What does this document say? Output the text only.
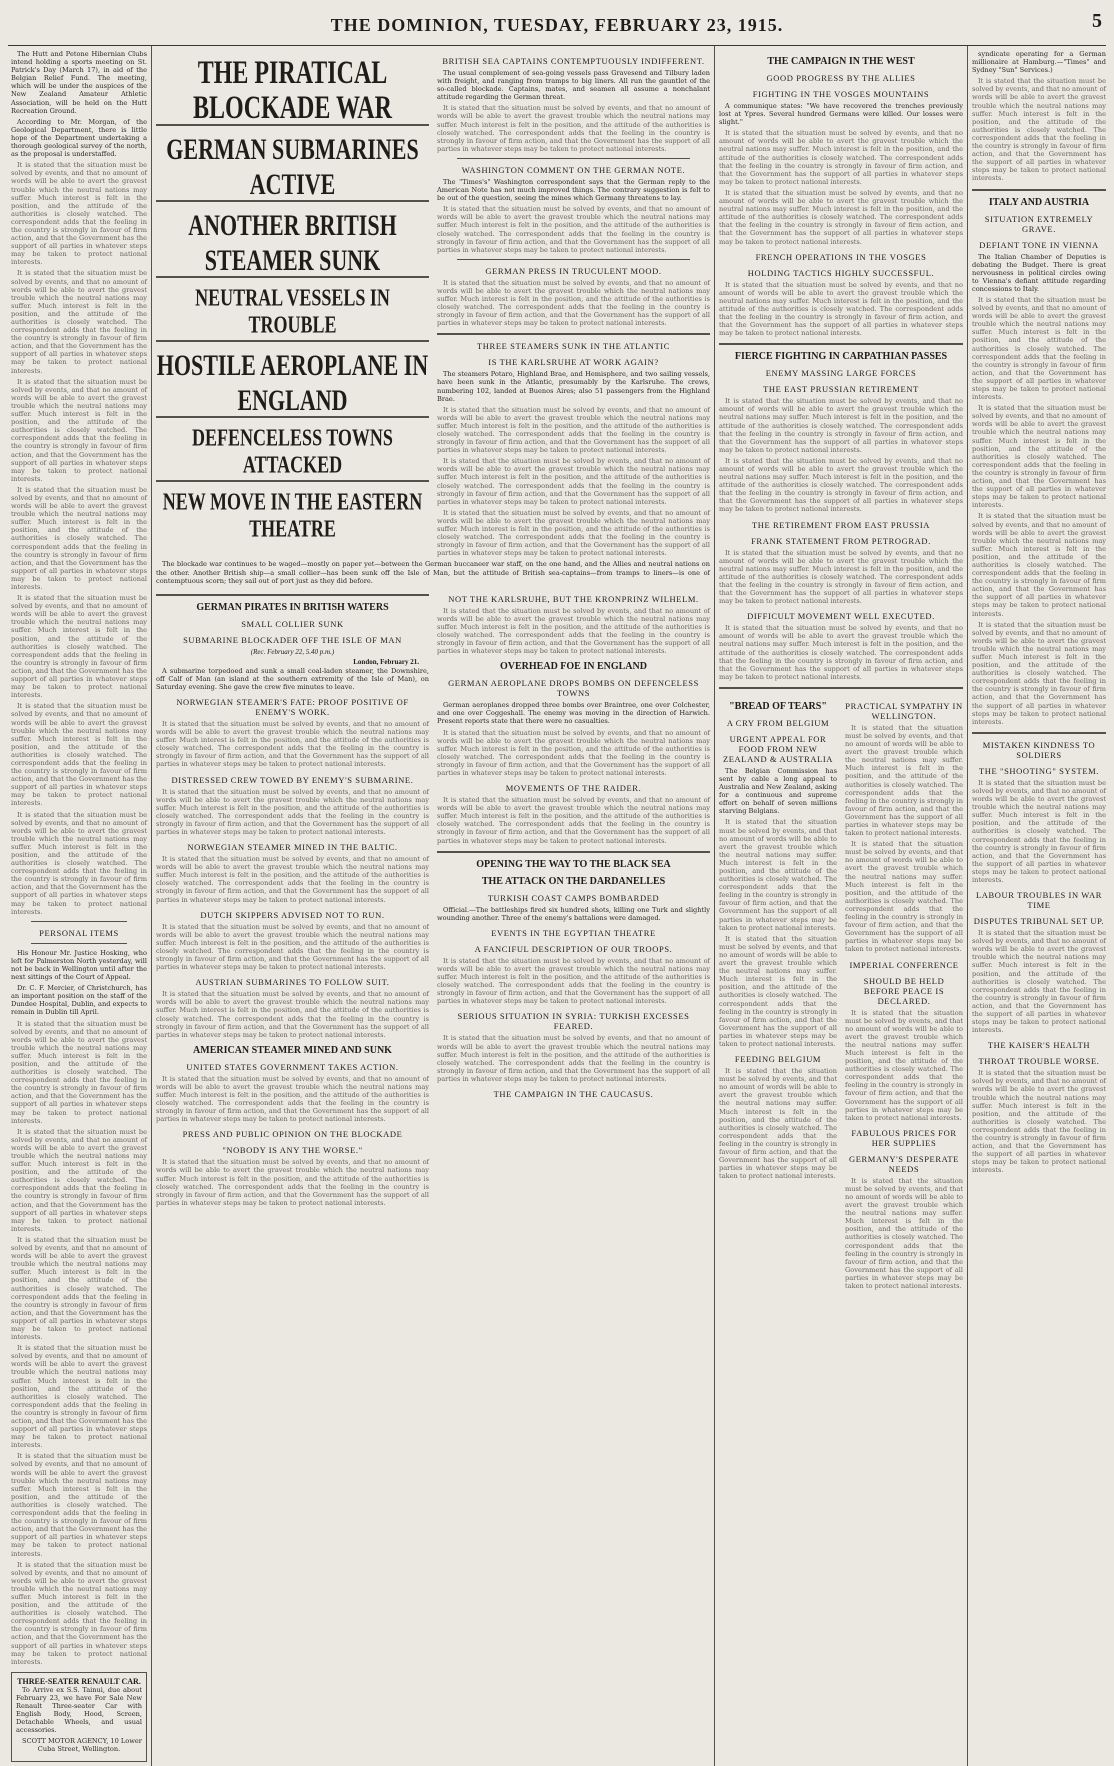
THE DOMINION, TUESDAY, FEBRUARY 23, 1915.	5

The Hutt and Petone Hibernian Clubs intend holding a sports meeting on St. Patrick's Day (March 17), in aid of the Belgian Relief Fund. The meeting, which will be under the auspices of the New Zealand Amateur Athletic Association, will be held on the Hutt Recreation Ground.

According to Mr. Morgan, of the Geological Department, there is little hope of the Department undertaking a thorough geological survey of the north, as the proposal is understaffed.

It is stated that the situation must be solved by events, and that no amount of words will be able to avert the gravest trouble which the neutral nations may suffer. Much interest is felt in the position, and the attitude of the authorities is closely watched. The correspondent adds that the feeling in the country is strongly in favour of firm action, and that the Government has the support of all parties in whatever steps may be taken to protect national interests.

It is stated that the situation must be solved by events, and that no amount of words will be able to avert the gravest trouble which the neutral nations may suffer. Much interest is felt in the position, and the attitude of the authorities is closely watched. The correspondent adds that the feeling in the country is strongly in favour of firm action, and that the Government has the support of all parties in whatever steps may be taken to protect national interests.

It is stated that the situation must be solved by events, and that no amount of words will be able to avert the gravest trouble which the neutral nations may suffer. Much interest is felt in the position, and the attitude of the authorities is closely watched. The correspondent adds that the feeling in the country is strongly in favour of firm action, and that the Government has the support of all parties in whatever steps may be taken to protect national interests.

It is stated that the situation must be solved by events, and that no amount of words will be able to avert the gravest trouble which the neutral nations may suffer. Much interest is felt in the position, and the attitude of the authorities is closely watched. The correspondent adds that the feeling in the country is strongly in favour of firm action, and that the Government has the support of all parties in whatever steps may be taken to protect national interests.

It is stated that the situation must be solved by events, and that no amount of words will be able to avert the gravest trouble which the neutral nations may suffer. Much interest is felt in the position, and the attitude of the authorities is closely watched. The correspondent adds that the feeling in the country is strongly in favour of firm action, and that the Government has the support of all parties in whatever steps may be taken to protect national interests.

It is stated that the situation must be solved by events, and that no amount of words will be able to avert the gravest trouble which the neutral nations may suffer. Much interest is felt in the position, and the attitude of the authorities is closely watched. The correspondent adds that the feeling in the country is strongly in favour of firm action, and that the Government has the support of all parties in whatever steps may be taken to protect national interests.

It is stated that the situation must be solved by events, and that no amount of words will be able to avert the gravest trouble which the neutral nations may suffer. Much interest is felt in the position, and the attitude of the authorities is closely watched. The correspondent adds that the feeling in the country is strongly in favour of firm action, and that the Government has the support of all parties in whatever steps may be taken to protect national interests.

PERSONAL ITEMS

His Honour Mr. Justice Hosking, who left for Palmerston North yesterday, will not be back in Wellington until after the next sittings of the Court of Appeal.

Dr. C. F. Mercier, of Christchurch, has an important position on the staff of the Dundee Hospital, Dublin, and expects to remain in Dublin till April.

It is stated that the situation must be solved by events, and that no amount of words will be able to avert the gravest trouble which the neutral nations may suffer. Much interest is felt in the position, and the attitude of the authorities is closely watched. The correspondent adds that the feeling in the country is strongly in favour of firm action, and that the Government has the support of all parties in whatever steps may be taken to protect national interests.

It is stated that the situation must be solved by events, and that no amount of words will be able to avert the gravest trouble which the neutral nations may suffer. Much interest is felt in the position, and the attitude of the authorities is closely watched. The correspondent adds that the feeling in the country is strongly in favour of firm action, and that the Government has the support of all parties in whatever steps may be taken to protect national interests.

It is stated that the situation must be solved by events, and that no amount of words will be able to avert the gravest trouble which the neutral nations may suffer. Much interest is felt in the position, and the attitude of the authorities is closely watched. The correspondent adds that the feeling in the country is strongly in favour of firm action, and that the Government has the support of all parties in whatever steps may be taken to protect national interests.

It is stated that the situation must be solved by events, and that no amount of words will be able to avert the gravest trouble which the neutral nations may suffer. Much interest is felt in the position, and the attitude of the authorities is closely watched. The correspondent adds that the feeling in the country is strongly in favour of firm action, and that the Government has the support of all parties in whatever steps may be taken to protect national interests.

It is stated that the situation must be solved by events, and that no amount of words will be able to avert the gravest trouble which the neutral nations may suffer. Much interest is felt in the position, and the attitude of the authorities is closely watched. The correspondent adds that the feeling in the country is strongly in favour of firm action, and that the Government has the support of all parties in whatever steps may be taken to protect national interests.

It is stated that the situation must be solved by events, and that no amount of words will be able to avert the gravest trouble which the neutral nations may suffer. Much interest is felt in the position, and the attitude of the authorities is closely watched. The correspondent adds that the feeling in the country is strongly in favour of firm action, and that the Government has the support of all parties in whatever steps may be taken to protect national interests.

THREE-SEATER RENAULT CAR.

To Arrive ex S.S. Tainui, due about February 23, we have For Sale New Renault Three-seater Car with English Body, Hood, Screen, Detachable Wheels, and usual accessories.

SCOTT MOTOR AGENCY, 10 Lower Cuba Street, Wellington.

THE PIRATICAL BLOCKADE WAR
GERMAN SUBMARINES ACTIVE
ANOTHER BRITISH STEAMER SUNK
NEUTRAL VESSELS IN TROUBLE
HOSTILE AEROPLANE IN ENGLAND
DEFENCELESS TOWNS ATTACKED
NEW MOVE IN THE EASTERN THEATRE
BRITISH SEA CAPTAINS CONTEMPTUOUSLY INDIFFERENT.

The usual complement of sea-going vessels pass Gravesend and Tilbury laden with freight, and ranging from tramps to big liners. All run the gauntlet of the so-called blockade. Captains, mates, and seamen all assume a nonchalant attitude regarding the German threat.

It is stated that the situation must be solved by events, and that no amount of words will be able to avert the gravest trouble which the neutral nations may suffer. Much interest is felt in the position, and the attitude of the authorities is closely watched. The correspondent adds that the feeling in the country is strongly in favour of firm action, and that the Government has the support of all parties in whatever steps may be taken to protect national interests.

WASHINGTON COMMENT ON THE GERMAN NOTE.

The "Times's" Washington correspondent says that the German reply to the American Note has not much improved things. The contrary suggestion is felt to be out of the question, seeing the mines which Germany threatens to lay.

It is stated that the situation must be solved by events, and that no amount of words will be able to avert the gravest trouble which the neutral nations may suffer. Much interest is felt in the position, and the attitude of the authorities is closely watched. The correspondent adds that the feeling in the country is strongly in favour of firm action, and that the Government has the support of all parties in whatever steps may be taken to protect national interests.

GERMAN PRESS IN TRUCULENT MOOD.

It is stated that the situation must be solved by events, and that no amount of words will be able to avert the gravest trouble which the neutral nations may suffer. Much interest is felt in the position, and the attitude of the authorities is closely watched. The correspondent adds that the feeling in the country is strongly in favour of firm action, and that the Government has the support of all parties in whatever steps may be taken to protect national interests.

THREE STEAMERS SUNK IN THE ATLANTIC
IS THE KARLSRUHE AT WORK AGAIN?

The steamers Potaro, Highland Brae, and Hemisphere, and two sailing vessels, have been sunk in the Atlantic, presumably by the Karlsruhe. The crews, numbering 102, landed at Buenos Aires; also 51 passengers from the Highland Brae.

It is stated that the situation must be solved by events, and that no amount of words will be able to avert the gravest trouble which the neutral nations may suffer. Much interest is felt in the position, and the attitude of the authorities is closely watched. The correspondent adds that the feeling in the country is strongly in favour of firm action, and that the Government has the support of all parties in whatever steps may be taken to protect national interests.

It is stated that the situation must be solved by events, and that no amount of words will be able to avert the gravest trouble which the neutral nations may suffer. Much interest is felt in the position, and the attitude of the authorities is closely watched. The correspondent adds that the feeling in the country is strongly in favour of firm action, and that the Government has the support of all parties in whatever steps may be taken to protect national interests.

It is stated that the situation must be solved by events, and that no amount of words will be able to avert the gravest trouble which the neutral nations may suffer. Much interest is felt in the position, and the attitude of the authorities is closely watched. The correspondent adds that the feeling in the country is strongly in favour of firm action, and that the Government has the support of all parties in whatever steps may be taken to protect national interests.

The blockade war continues to be waged—mostly on paper yet—between the German buccaneer war staff, on the one hand, and the Allies and neutral nations on the other. Another British ship—a small collier—has been sunk off the Isle of Man, but the attitude of British sea-captains—from tramps to liners—is one of contemptuous scorn; they sail out of port just as they did before.

GERMAN PIRATES IN BRITISH WATERS
SMALL COLLIER SUNK
SUBMARINE BLOCKADER OFF THE ISLE OF MAN
(Rec. February 22, 5.40 p.m.)
London, February 21.

A submarine torpedoed and sunk a small coal-laden steamer, the Downshire, off Calf of Man (an island at the southern extremity of the Isle of Man), on Saturday evening. She gave the crew five minutes to leave.

NORWEGIAN STEAMER'S FATE: PROOF POSITIVE OF ENEMY'S WORK.

It is stated that the situation must be solved by events, and that no amount of words will be able to avert the gravest trouble which the neutral nations may suffer. Much interest is felt in the position, and the attitude of the authorities is closely watched. The correspondent adds that the feeling in the country is strongly in favour of firm action, and that the Government has the support of all parties in whatever steps may be taken to protect national interests.

DISTRESSED CREW TOWED BY ENEMY'S SUBMARINE.

It is stated that the situation must be solved by events, and that no amount of words will be able to avert the gravest trouble which the neutral nations may suffer. Much interest is felt in the position, and the attitude of the authorities is closely watched. The correspondent adds that the feeling in the country is strongly in favour of firm action, and that the Government has the support of all parties in whatever steps may be taken to protect national interests.

NORWEGIAN STEAMER MINED IN THE BALTIC.

It is stated that the situation must be solved by events, and that no amount of words will be able to avert the gravest trouble which the neutral nations may suffer. Much interest is felt in the position, and the attitude of the authorities is closely watched. The correspondent adds that the feeling in the country is strongly in favour of firm action, and that the Government has the support of all parties in whatever steps may be taken to protect national interests.

DUTCH SKIPPERS ADVISED NOT TO RUN.

It is stated that the situation must be solved by events, and that no amount of words will be able to avert the gravest trouble which the neutral nations may suffer. Much interest is felt in the position, and the attitude of the authorities is closely watched. The correspondent adds that the feeling in the country is strongly in favour of firm action, and that the Government has the support of all parties in whatever steps may be taken to protect national interests.

AUSTRIAN SUBMARINES TO FOLLOW SUIT.

It is stated that the situation must be solved by events, and that no amount of words will be able to avert the gravest trouble which the neutral nations may suffer. Much interest is felt in the position, and the attitude of the authorities is closely watched. The correspondent adds that the feeling in the country is strongly in favour of firm action, and that the Government has the support of all parties in whatever steps may be taken to protect national interests.

AMERICAN STEAMER MINED AND SUNK
UNITED STATES GOVERNMENT TAKES ACTION.

It is stated that the situation must be solved by events, and that no amount of words will be able to avert the gravest trouble which the neutral nations may suffer. Much interest is felt in the position, and the attitude of the authorities is closely watched. The correspondent adds that the feeling in the country is strongly in favour of firm action, and that the Government has the support of all parties in whatever steps may be taken to protect national interests.

PRESS AND PUBLIC OPINION ON THE BLOCKADE
"NOBODY IS ANY THE WORSE."

It is stated that the situation must be solved by events, and that no amount of words will be able to avert the gravest trouble which the neutral nations may suffer. Much interest is felt in the position, and the attitude of the authorities is closely watched. The correspondent adds that the feeling in the country is strongly in favour of firm action, and that the Government has the support of all parties in whatever steps may be taken to protect national interests.

NOT THE KARLSRUHE, BUT THE KRONPRINZ WILHELM.

It is stated that the situation must be solved by events, and that no amount of words will be able to avert the gravest trouble which the neutral nations may suffer. Much interest is felt in the position, and the attitude of the authorities is closely watched. The correspondent adds that the feeling in the country is strongly in favour of firm action, and that the Government has the support of all parties in whatever steps may be taken to protect national interests.

OVERHEAD FOE IN ENGLAND
GERMAN AEROPLANE DROPS BOMBS ON DEFENCELESS TOWNS

German aeroplanes dropped three bombs over Braintree, one over Colchester, and one over Coggeshall. The enemy was moving in the direction of Harwich. Present reports state that there were no casualties.

It is stated that the situation must be solved by events, and that no amount of words will be able to avert the gravest trouble which the neutral nations may suffer. Much interest is felt in the position, and the attitude of the authorities is closely watched. The correspondent adds that the feeling in the country is strongly in favour of firm action, and that the Government has the support of all parties in whatever steps may be taken to protect national interests.

MOVEMENTS OF THE RAIDER.

It is stated that the situation must be solved by events, and that no amount of words will be able to avert the gravest trouble which the neutral nations may suffer. Much interest is felt in the position, and the attitude of the authorities is closely watched. The correspondent adds that the feeling in the country is strongly in favour of firm action, and that the Government has the support of all parties in whatever steps may be taken to protect national interests.

OPENING THE WAY TO THE BLACK SEA
THE ATTACK ON THE DARDANELLES
TURKISH COAST CAMPS BOMBARDED

Official.—The battleships fired six hundred shots, killing one Turk and slightly wounding another. Three of the enemy's battalions were damaged.

EVENTS IN THE EGYPTIAN THEATRE
A FANCIFUL DESCRIPTION OF OUR TROOPS.

It is stated that the situation must be solved by events, and that no amount of words will be able to avert the gravest trouble which the neutral nations may suffer. Much interest is felt in the position, and the attitude of the authorities is closely watched. The correspondent adds that the feeling in the country is strongly in favour of firm action, and that the Government has the support of all parties in whatever steps may be taken to protect national interests.

SERIOUS SITUATION IN SYRIA: TURKISH EXCESSES FEARED.

It is stated that the situation must be solved by events, and that no amount of words will be able to avert the gravest trouble which the neutral nations may suffer. Much interest is felt in the position, and the attitude of the authorities is closely watched. The correspondent adds that the feeling in the country is strongly in favour of firm action, and that the Government has the support of all parties in whatever steps may be taken to protect national interests.

THE CAMPAIGN IN THE CAUCASUS.
THE CAMPAIGN IN THE WEST
GOOD PROGRESS BY THE ALLIES
FIGHTING IN THE VOSGES MOUNTAINS

A communique states: "We have recovered the trenches previously lost at Ypres. Several hundred Germans were killed. Our losses were slight."

It is stated that the situation must be solved by events, and that no amount of words will be able to avert the gravest trouble which the neutral nations may suffer. Much interest is felt in the position, and the attitude of the authorities is closely watched. The correspondent adds that the feeling in the country is strongly in favour of firm action, and that the Government has the support of all parties in whatever steps may be taken to protect national interests.

It is stated that the situation must be solved by events, and that no amount of words will be able to avert the gravest trouble which the neutral nations may suffer. Much interest is felt in the position, and the attitude of the authorities is closely watched. The correspondent adds that the feeling in the country is strongly in favour of firm action, and that the Government has the support of all parties in whatever steps may be taken to protect national interests.

FRENCH OPERATIONS IN THE VOSGES
HOLDING TACTICS HIGHLY SUCCESSFUL.

It is stated that the situation must be solved by events, and that no amount of words will be able to avert the gravest trouble which the neutral nations may suffer. Much interest is felt in the position, and the attitude of the authorities is closely watched. The correspondent adds that the feeling in the country is strongly in favour of firm action, and that the Government has the support of all parties in whatever steps may be taken to protect national interests.

FIERCE FIGHTING IN CARPATHIAN PASSES
ENEMY MASSING LARGE FORCES
THE EAST PRUSSIAN RETIREMENT

It is stated that the situation must be solved by events, and that no amount of words will be able to avert the gravest trouble which the neutral nations may suffer. Much interest is felt in the position, and the attitude of the authorities is closely watched. The correspondent adds that the feeling in the country is strongly in favour of firm action, and that the Government has the support of all parties in whatever steps may be taken to protect national interests.

It is stated that the situation must be solved by events, and that no amount of words will be able to avert the gravest trouble which the neutral nations may suffer. Much interest is felt in the position, and the attitude of the authorities is closely watched. The correspondent adds that the feeling in the country is strongly in favour of firm action, and that the Government has the support of all parties in whatever steps may be taken to protect national interests.

THE RETIREMENT FROM EAST PRUSSIA
FRANK STATEMENT FROM PETROGRAD.

It is stated that the situation must be solved by events, and that no amount of words will be able to avert the gravest trouble which the neutral nations may suffer. Much interest is felt in the position, and the attitude of the authorities is closely watched. The correspondent adds that the feeling in the country is strongly in favour of firm action, and that the Government has the support of all parties in whatever steps may be taken to protect national interests.

DIFFICULT MOVEMENT WELL EXECUTED.

It is stated that the situation must be solved by events, and that no amount of words will be able to avert the gravest trouble which the neutral nations may suffer. Much interest is felt in the position, and the attitude of the authorities is closely watched. The correspondent adds that the feeling in the country is strongly in favour of firm action, and that the Government has the support of all parties in whatever steps may be taken to protect national interests.

"BREAD OF TEARS"
A CRY FROM BELGIUM
URGENT APPEAL FOR FOOD FROM NEW ZEALAND & AUSTRALIA

The Belgian Commission has sent by cable a long appeal to Australia and New Zealand, asking for a continuous and supreme effort on behalf of seven millions starving Belgians.

It is stated that the situation must be solved by events, and that no amount of words will be able to avert the gravest trouble which the neutral nations may suffer. Much interest is felt in the position, and the attitude of the authorities is closely watched. The correspondent adds that the feeling in the country is strongly in favour of firm action, and that the Government has the support of all parties in whatever steps may be taken to protect national interests.

It is stated that the situation must be solved by events, and that no amount of words will be able to avert the gravest trouble which the neutral nations may suffer. Much interest is felt in the position, and the attitude of the authorities is closely watched. The correspondent adds that the feeling in the country is strongly in favour of firm action, and that the Government has the support of all parties in whatever steps may be taken to protect national interests.

FEEDING BELGIUM

It is stated that the situation must be solved by events, and that no amount of words will be able to avert the gravest trouble which the neutral nations may suffer. Much interest is felt in the position, and the attitude of the authorities is closely watched. The correspondent adds that the feeling in the country is strongly in favour of firm action, and that the Government has the support of all parties in whatever steps may be taken to protect national interests.

PRACTICAL SYMPATHY IN WELLINGTON.

It is stated that the situation must be solved by events, and that no amount of words will be able to avert the gravest trouble which the neutral nations may suffer. Much interest is felt in the position, and the attitude of the authorities is closely watched. The correspondent adds that the feeling in the country is strongly in favour of firm action, and that the Government has the support of all parties in whatever steps may be taken to protect national interests.

It is stated that the situation must be solved by events, and that no amount of words will be able to avert the gravest trouble which the neutral nations may suffer. Much interest is felt in the position, and the attitude of the authorities is closely watched. The correspondent adds that the feeling in the country is strongly in favour of firm action, and that the Government has the support of all parties in whatever steps may be taken to protect national interests.

IMPERIAL CONFERENCE
SHOULD BE HELD BEFORE PEACE IS DECLARED.

It is stated that the situation must be solved by events, and that no amount of words will be able to avert the gravest trouble which the neutral nations may suffer. Much interest is felt in the position, and the attitude of the authorities is closely watched. The correspondent adds that the feeling in the country is strongly in favour of firm action, and that the Government has the support of all parties in whatever steps may be taken to protect national interests.

FABULOUS PRICES FOR HER SUPPLIES
GERMANY'S DESPERATE NEEDS

It is stated that the situation must be solved by events, and that no amount of words will be able to avert the gravest trouble which the neutral nations may suffer. Much interest is felt in the position, and the attitude of the authorities is closely watched. The correspondent adds that the feeling in the country is strongly in favour of firm action, and that the Government has the support of all parties in whatever steps may be taken to protect national interests.

syndicate operating for a German millionaire at Hamburg.—"Times" and Sydney "Sun" Services.)

It is stated that the situation must be solved by events, and that no amount of words will be able to avert the gravest trouble which the neutral nations may suffer. Much interest is felt in the position, and the attitude of the authorities is closely watched. The correspondent adds that the feeling in the country is strongly in favour of firm action, and that the Government has the support of all parties in whatever steps may be taken to protect national interests.

ITALY AND AUSTRIA
SITUATION EXTREMELY GRAVE.
DEFIANT TONE IN VIENNA

The Italian Chamber of Deputies is debating the Budget. There is great nervousness in political circles owing to Vienna's defiant attitude regarding concessions to Italy.

It is stated that the situation must be solved by events, and that no amount of words will be able to avert the gravest trouble which the neutral nations may suffer. Much interest is felt in the position, and the attitude of the authorities is closely watched. The correspondent adds that the feeling in the country is strongly in favour of firm action, and that the Government has the support of all parties in whatever steps may be taken to protect national interests.

It is stated that the situation must be solved by events, and that no amount of words will be able to avert the gravest trouble which the neutral nations may suffer. Much interest is felt in the position, and the attitude of the authorities is closely watched. The correspondent adds that the feeling in the country is strongly in favour of firm action, and that the Government has the support of all parties in whatever steps may be taken to protect national interests.

It is stated that the situation must be solved by events, and that no amount of words will be able to avert the gravest trouble which the neutral nations may suffer. Much interest is felt in the position, and the attitude of the authorities is closely watched. The correspondent adds that the feeling in the country is strongly in favour of firm action, and that the Government has the support of all parties in whatever steps may be taken to protect national interests.

It is stated that the situation must be solved by events, and that no amount of words will be able to avert the gravest trouble which the neutral nations may suffer. Much interest is felt in the position, and the attitude of the authorities is closely watched. The correspondent adds that the feeling in the country is strongly in favour of firm action, and that the Government has the support of all parties in whatever steps may be taken to protect national interests.

MISTAKEN KINDNESS TO SOLDIERS
THE "SHOOTING" SYSTEM.

It is stated that the situation must be solved by events, and that no amount of words will be able to avert the gravest trouble which the neutral nations may suffer. Much interest is felt in the position, and the attitude of the authorities is closely watched. The correspondent adds that the feeling in the country is strongly in favour of firm action, and that the Government has the support of all parties in whatever steps may be taken to protect national interests.

LABOUR TROUBLES IN WAR TIME
DISPUTES TRIBUNAL SET UP.

It is stated that the situation must be solved by events, and that no amount of words will be able to avert the gravest trouble which the neutral nations may suffer. Much interest is felt in the position, and the attitude of the authorities is closely watched. The correspondent adds that the feeling in the country is strongly in favour of firm action, and that the Government has the support of all parties in whatever steps may be taken to protect national interests.

THE KAISER'S HEALTH
THROAT TROUBLE WORSE.

It is stated that the situation must be solved by events, and that no amount of words will be able to avert the gravest trouble which the neutral nations may suffer. Much interest is felt in the position, and the attitude of the authorities is closely watched. The correspondent adds that the feeling in the country is strongly in favour of firm action, and that the Government has the support of all parties in whatever steps may be taken to protect national interests.
